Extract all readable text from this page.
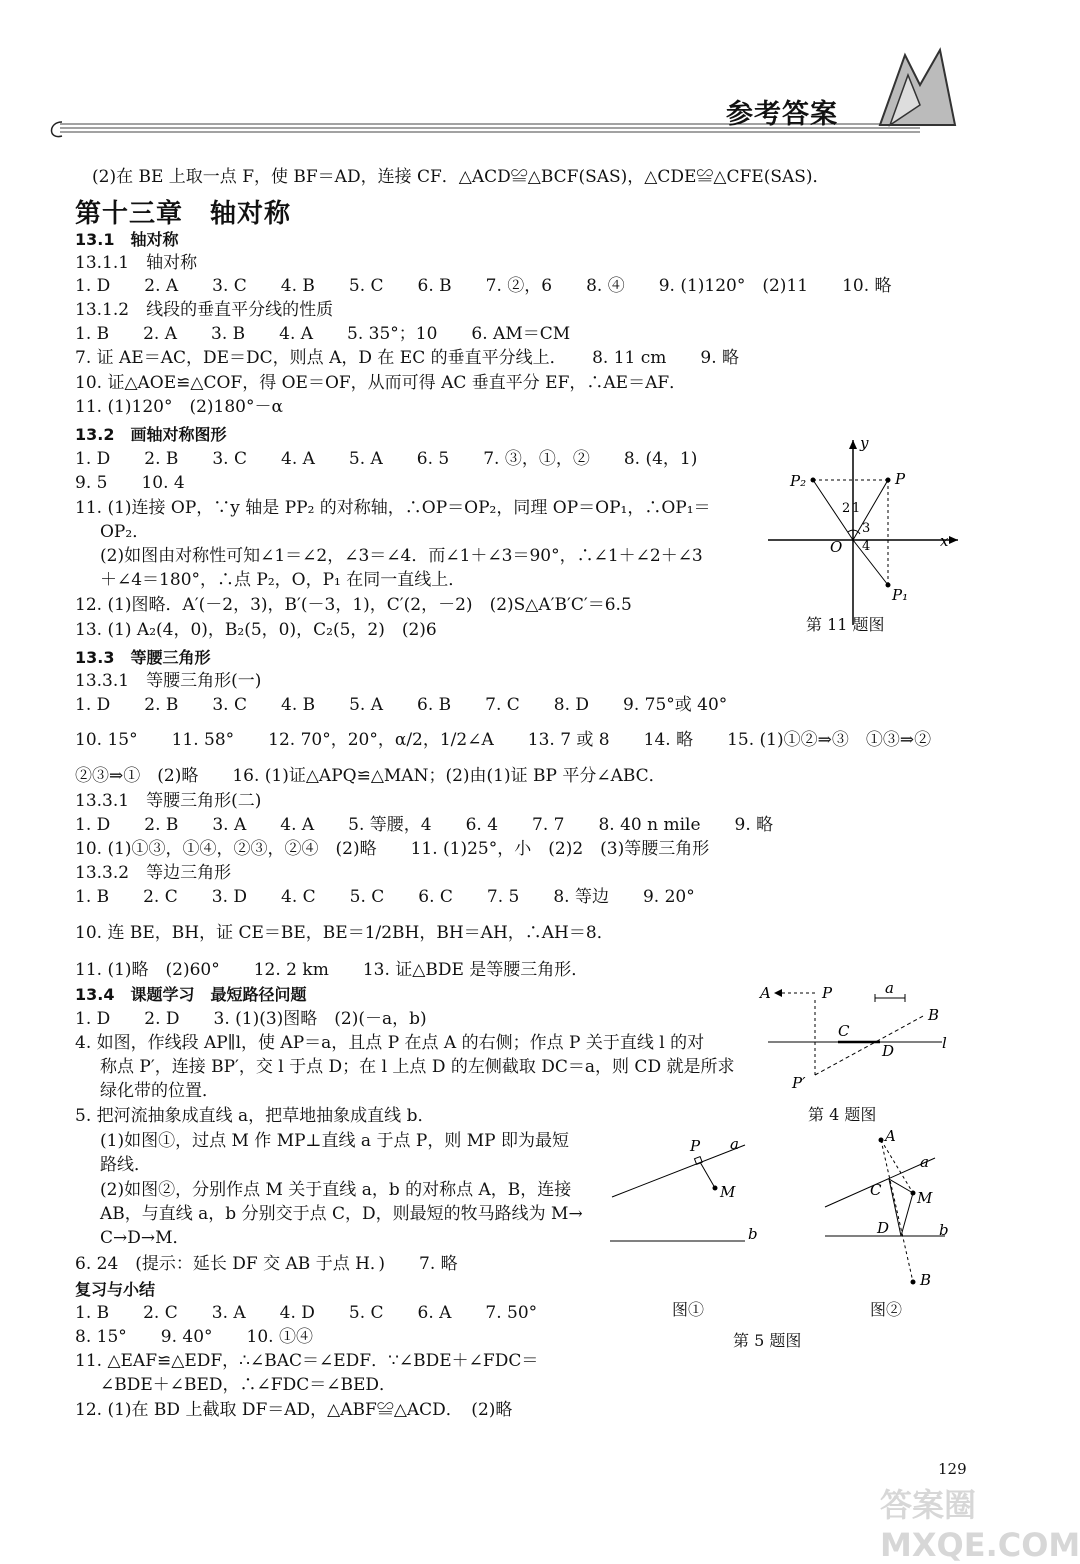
参考答案
第十三章　轴对称
(2)在 BE 上取一点 F，使 BF＝AD，连接 CF．△ACD≌△BCF(SAS)，△CDE≌△CFE(SAS)．
13.1　轴对称
13.1.1　轴对称
1. D　　2. A　　3. C　　4. B　　5. C　　6. B　　7. ②，6　　8. ④　　9. (1)120°　(2)11　　10. 略
13.1.2　线段的垂直平分线的性质
1. B　　2. A　　3. B　　4. A　　5. 35°；10　　6. AM＝CM
7. 证 AE＝AC，DE＝DC，则点 A，D 在 EC 的垂直平分线上．　　8. 11 cm　　9. 略
10. 证△AOE≌△COF，得 OE＝OF，从而可得 AC 垂直平分 EF，∴AE＝AF．
11. (1)120°　(2)180°－α
13.2　画轴对称图形
1. D　　2. B　　3. C　　4. A　　5. A　　6. 5　　7. ③，①，②　　8. (4，1)
9. 5　　10. 4
11. (1)连接 OP，∵y 轴是 PP₂ 的对称轴，∴OP＝OP₂，同理 OP＝OP₁，∴OP₁＝
OP₂．
(2)如图由对称性可知∠1＝∠2，∠3＝∠4．而∠1＋∠3＝90°，∴∠1＋∠2＋∠3
＋∠4＝180°，∴点 P₂，O，P₁ 在同一直线上．
12. (1)图略．A′(－2，3)，B′(－3，1)，C′(2，－2)　(2)S△A′B′C′＝6.5
13. (1) A₂(4，0)，B₂(5，0)，C₂(5，2)　(2)6
13.3　等腰三角形
13.3.1　等腰三角形(一)
1. D　　2. B　　3. C　　4. B　　5. A　　6. B　　7. C　　8. D　　9. 75°或 40°
10. 15°　　11. 58°　　12. 70°，20°，α/2，1/2∠A　　13. 7 或 8　　14. 略　　15. (1)①②⇒③　①③⇒②
②③⇒①　(2)略　　16. (1)证△APQ≌△MAN；(2)由(1)证 BP 平分∠ABC．
13.3.1　等腰三角形(二)
1. D　　2. B　　3. A　　4. A　　5. 等腰，4　　6. 4　　7. 7　　8. 40 n mile　　9. 略
10. (1)①③，①④，②③，②④　(2)略　　11. (1)25°，小　(2)2　(3)等腰三角形
13.3.2　等边三角形
1. B　　2. C　　3. D　　4. C　　5. C　　6. C　　7. 5　　8. 等边　　9. 20°
10. 连 BE，BH，证 CE＝BE，BE＝1/2BH，BH＝AH，∴AH＝8．
11. (1)略　(2)60°　　12. 2 km　　13. 证△BDE 是等腰三角形．
13.4　课题学习　最短路径问题
1. D　　2. D　　3. (1)(3)图略　(2)(－a，b)
4. 如图，作线段 AP∥l，使 AP＝a，且点 P 在点 A 的右侧；作点 P 关于直线 l 的对
称点 P′，连接 BP′，交 l 于点 D；在 l 上点 D 的左侧截取 DC＝a，则 CD 就是所求
绿化带的位置．
5. 把河流抽象成直线 a，把草地抽象成直线 b．
(1)如图①，过点 M 作 MP⊥直线 a 于点 P，则 MP 即为最短
路线．
(2)如图②，分别作点 M 关于直线 a，b 的对称点 A，B，连接
AB，与直线 a，b 分别交于点 C，D，则最短的牧马路线为 M→
C→D→M．
6. 24　(提示：延长 DF 交 AB 于点 H．)　　7. 略
复习与小结
1. B　　2. C　　3. A　　4. D　　5. C　　6. A　　7. 50°
8. 15°　　9. 40°　　10. ①④
11. △EAF≌△EDF，∴∠BAC＝∠EDF．∵∠BDE＋∠FDC＝
∠BDE＋∠BED，∴∠FDC＝∠BED．
12. (1)在 BD 上截取 DF＝AD，△ABF≌△ACD．　(2)略
y
x
O
P
P₂
P₁
1
2
3
4
第 11 题图
A	P	a
B
C
D	l
P′
第 4 题图
P a
M
b
图①
A
a
C M
D	b
B
图②
第 5 题图
129
答案圈 MXQE.COM
